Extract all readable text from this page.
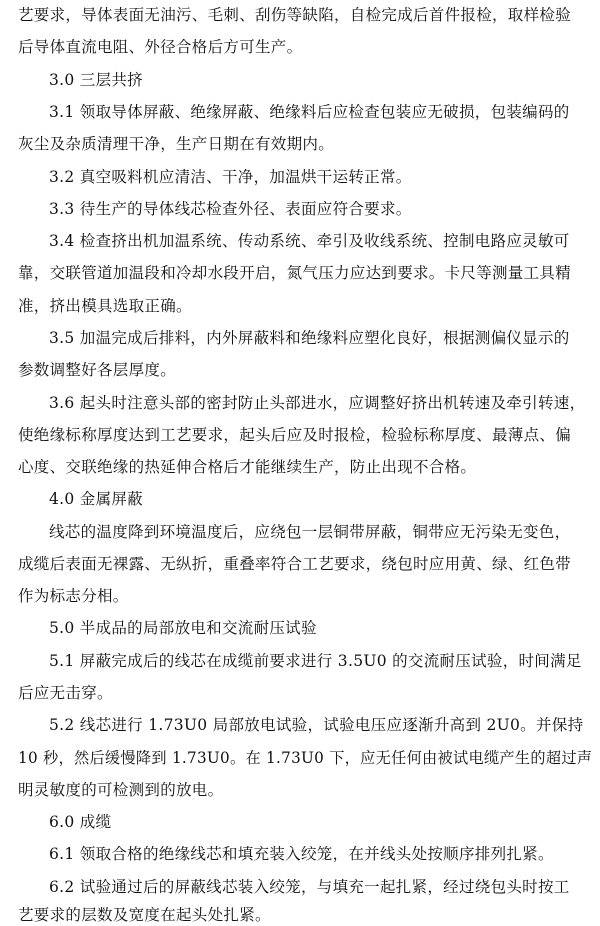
艺要求，导体表面无油污、毛刺、刮伤等缺陷，自检完成后首件报检，取样检验
后导体直流电阻、外径合格后方可生产。
3.0 三层共挤
3.1 领取导体屏蔽、绝缘屏蔽、绝缘料后应检查包装应无破损，包装编码的
灰尘及杂质清理干净，生产日期在有效期内。
3.2 真空吸料机应清洁、干净，加温烘干运转正常。
3.3 待生产的导体线芯检查外径、表面应符合要求。
3.4 检查挤出机加温系统、传动系统、牵引及收线系统、控制电路应灵敏可
靠，交联管道加温段和冷却水段开启，氮气压力应达到要求。卡尺等测量工具精
准，挤出模具选取正确。
3.5 加温完成后排料，内外屏蔽料和绝缘料应塑化良好，根据测偏仪显示的
参数调整好各层厚度。
3.6 起头时注意头部的密封防止头部进水，应调整好挤出机转速及牵引转速，
使绝缘标称厚度达到工艺要求，起头后应及时报检，检验标称厚度、最薄点、偏
心度、交联绝缘的热延伸合格后才能继续生产，防止出现不合格。
4.0 金属屏蔽
线芯的温度降到环境温度后，应绕包一层铜带屏蔽，铜带应无污染无变色，
成缆后表面无裸露、无纵折，重叠率符合工艺要求，绕包时应用黄、绿、红色带
作为标志分相。
5.0 半成品的局部放电和交流耐压试验
5.1 屏蔽完成后的线芯在成缆前要求进行 3.5U0 的交流耐压试验，时间满足
后应无击穿。
5.2 线芯进行 1.73U0 局部放电试验，试验电压应逐渐升高到 2U0。并保持
10 秒，然后缓慢降到 1.73U0。在 1.73U0 下，应无任何由被试电缆产生的超过声
明灵敏度的可检测到的放电。
6.0 成缆
6.1 领取合格的绝缘线芯和填充装入绞笼，在并线头处按顺序排列扎紧。
6.2 试验通过后的屏蔽线芯装入绞笼，与填充一起扎紧，经过绕包头时按工
艺要求的层数及宽度在起头处扎紧。
